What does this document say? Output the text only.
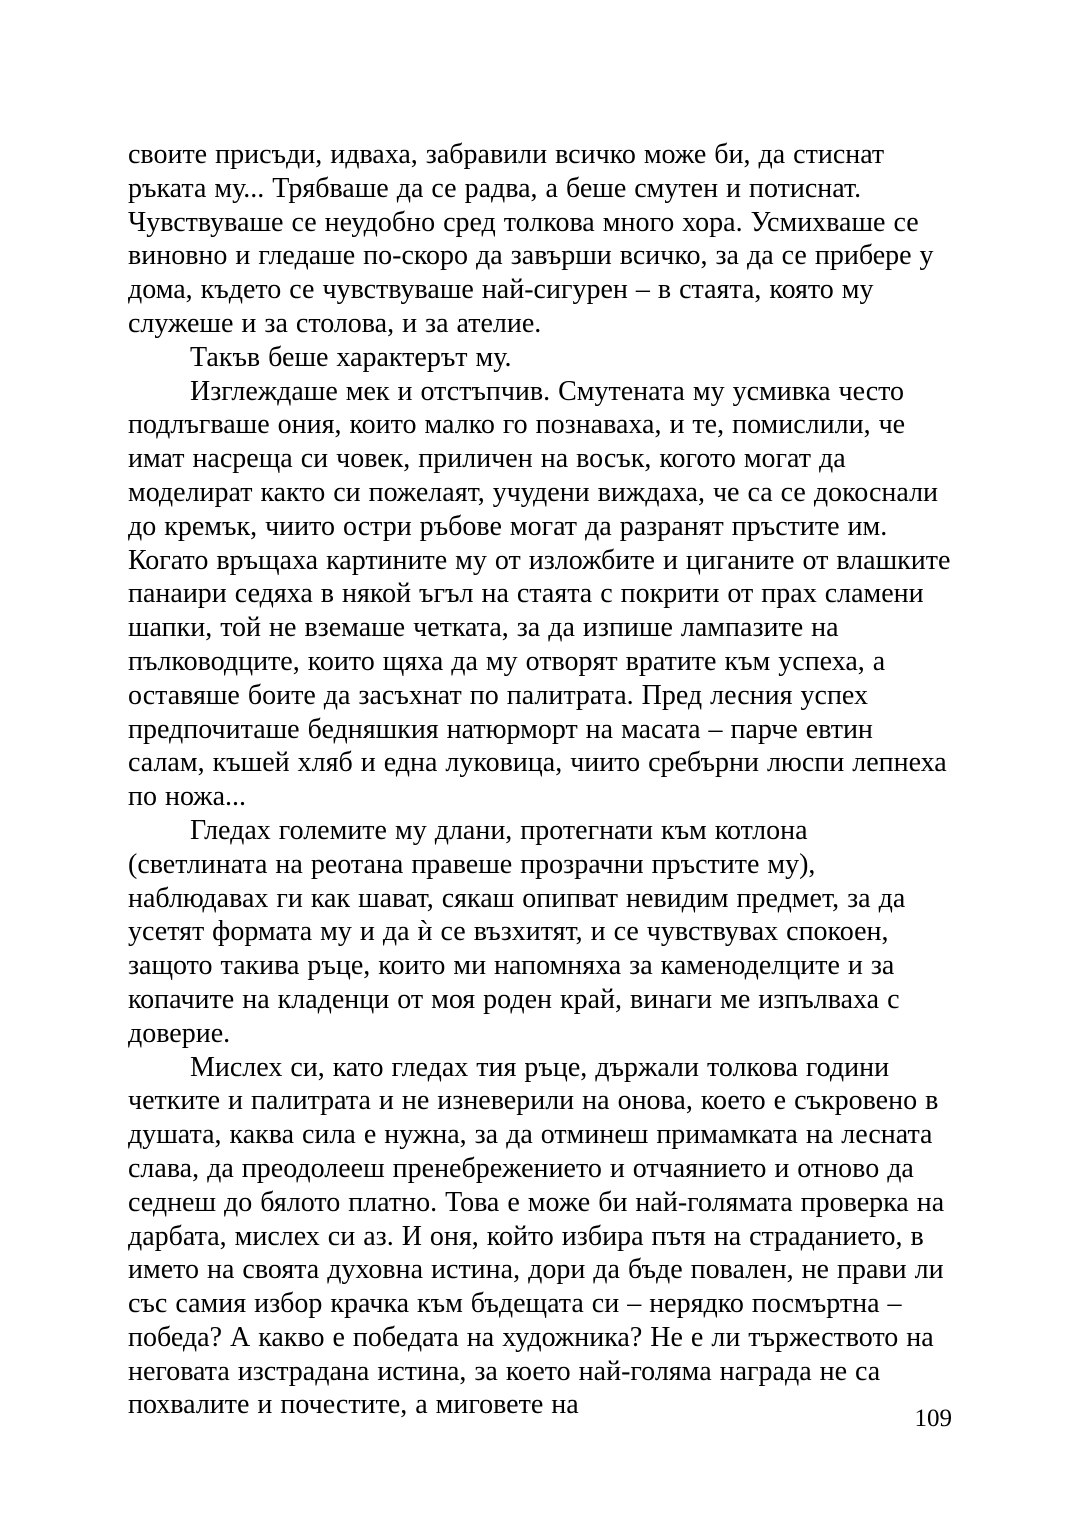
своите присъди, идваха, забравили всичко може би, да стиснат ръката му... Трябваше да се радва, а беше смутен и потиснат. Чувствуваше се неудобно сред толкова много хора. Усмихваше се виновно и гледаше по-скоро да завърши всичко, за да се прибере у дома, където се чувствуваше най-сигурен – в стаята, която му служеше и за столова, и за ателие.

Такъв беше характерът му.

Изглеждаше мек и отстъпчив. Смутената му усмивка често подлъгваше ония, които малко го познаваха, и те, помислили, че имат насреща си човек, приличен на восък, когото могат да моделират както си пожелаят, учудени виждаха, че са се докоснали до кремък, чиито остри ръбове могат да разранят пръстите им. Когато връщаха картините му от изложбите и циганите от влашките панаири седяха в някой ъгъл на стаята с покрити от прах сламени шапки, той не вземаше четката, за да изпише лампазите на пълководците, които щяха да му отворят вратите към успеха, а оставяше боите да засъхнат по палитрата. Пред лесния успех предпочиташе бедняшкия натюрморт на масата – парче евтин салам, къшей хляб и една луковица, чиито сребърни люспи лепнеха по ножа...

Гледах големите му длани, протегнати към котлона (светлината на реотана правеше прозрачни пръстите му), наблюдавах ги как шават, сякаш опипват невидим предмет, за да усетят формата му и да ѝ се възхитят, и се чувствувах спокоен, защото такива ръце, които ми напомняха за каменоделците и за копачите на кладенци от моя роден край, винаги ме изпълваха с доверие.

Мислех си, като гледах тия ръце, държали толкова години четките и палитрата и не изневерили на онова, което е съкровено в душата, каква сила е нужна, за да отминеш примамката на лесната слава, да преодолееш пренебрежението и отчаянието и отново да седнеш до бялото платно. Това е може би най-голямата проверка на дарбата, мислех си аз. И оня, който избира пътя на страданието, в името на своята духовна истина, дори да бъде повален, не прави ли със самия избор крачка към бъдещата си – нерядко посмъртна – победа? А какво е победата на художника? Не е ли тържеството на неговата изстрадана истина, за което най-голяма награда не са похвалите и почестите, а миговете на	109
